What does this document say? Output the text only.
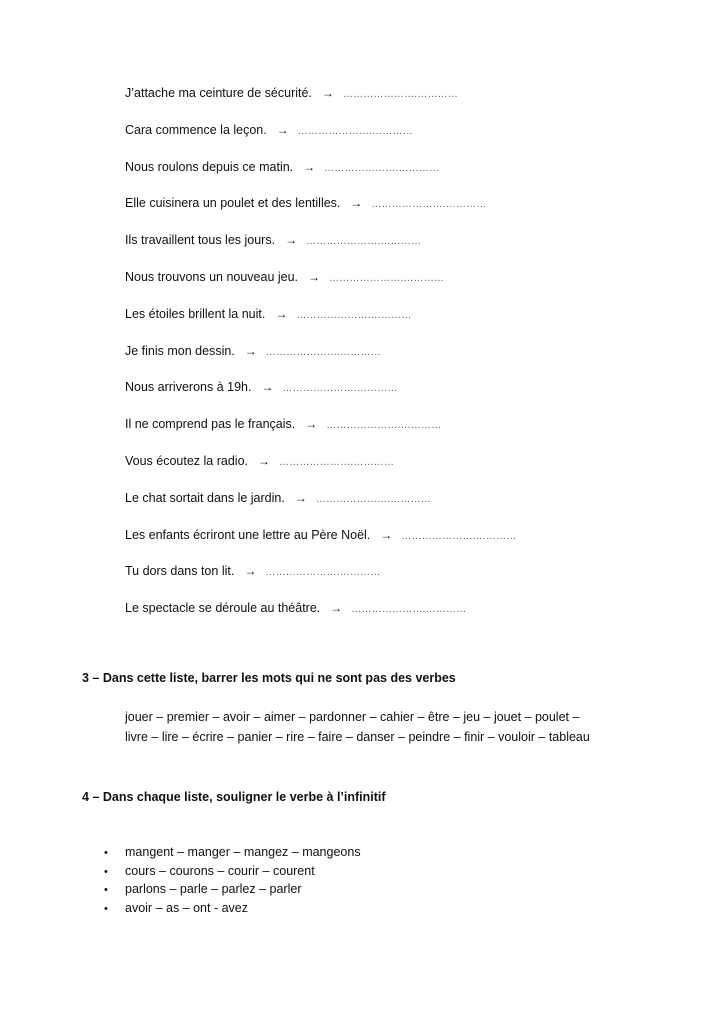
J’attache ma ceinture de sécurité. → ………………….…………
Cara commence la leçon. → ………………….…………
Nous roulons depuis ce matin. → ………………….…………
Elle cuisinera un poulet et des lentilles. → ………………….…………
Ils travaillent tous les jours. → ………………….…………
Nous trouvons un nouveau jeu. → ………………….…………
Les étoiles brillent la nuit. → ………………….…………
Je finis mon dessin. → ………………….…………
Nous arriverons à 19h. → ………………….…………
Il ne comprend pas le français. → ………………….…………
Vous écoutez la radio. → ………………….…………
Le chat sortait dans le jardin. → ………………….…………
Les enfants écriront une lettre au Père Noël. → ………………….…………
Tu dors dans ton lit. → ………………….…………
Le spectacle se déroule au théâtre. → ………………….…………
3 – Dans cette liste, barrer les mots qui ne sont pas des verbes

jouer – premier – avoir – aimer – pardonner – cahier – être – jeu – jouet – poulet –

livre – lire – écrire – panier – rire – faire – danser – peindre – finir – vouloir – tableau

4 – Dans chaque liste, souligner le verbe à l’infinitif
• mangent – manger – mangez – mangeons
• cours – courons – courir – courent
• parlons – parle – parlez – parler
• avoir – as – ont - avez
